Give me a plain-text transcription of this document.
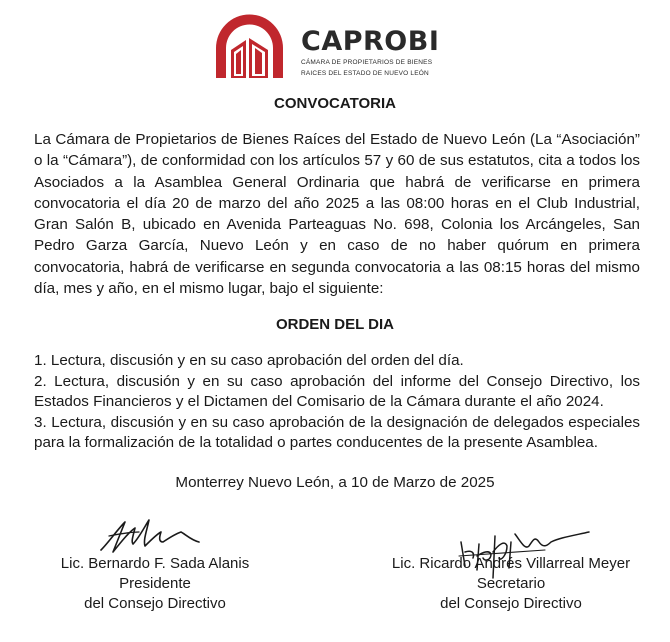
CAPROBI
CÁMARA DE PROPIETARIOS DE BIENES
RAICES DEL ESTADO DE NUEVO LEÓN
CONVOCATORIA

La Cámara de Propietarios de Bienes Raíces del Estado de Nuevo León (La “Asociación” o la “Cámara”), de conformidad con los artículos 57 y 60 de sus estatutos, cita a todos los Asociados a la Asamblea General Ordinaria que habrá de verificarse en primera convocatoria el día 20 de marzo del año 2025 a las 08:00 horas en el Club Industrial, Gran Salón B, ubicado en Avenida Parteaguas No. 698, Colonia los Arcángeles, San Pedro Garza García, Nuevo León y en caso de no haber quórum en primera convocatoria, habrá de verificarse en segunda convocatoria a las 08:15 horas del mismo día, mes y año, en el mismo lugar, bajo el siguiente:

ORDEN DEL DIA
1. Lectura, discusión y en su caso aprobación del orden del día.
2. Lectura, discusión y en su caso aprobación del informe del Consejo Directivo, los Estados Financieros y el Dictamen del Comisario de la Cámara durante el año 2024.
3. Lectura, discusión y en su caso aprobación de la designación de delegados especiales para la formalización de la totalidad o partes conducentes de la presente Asamblea.
Monterrey Nuevo León, a 10 de Marzo de 2025
Lic. Bernardo F. Sada Alanis
Presidente
del Consejo Directivo
Lic. Ricardo Andrés Villarreal Meyer
Secretario
del Consejo Directivo
